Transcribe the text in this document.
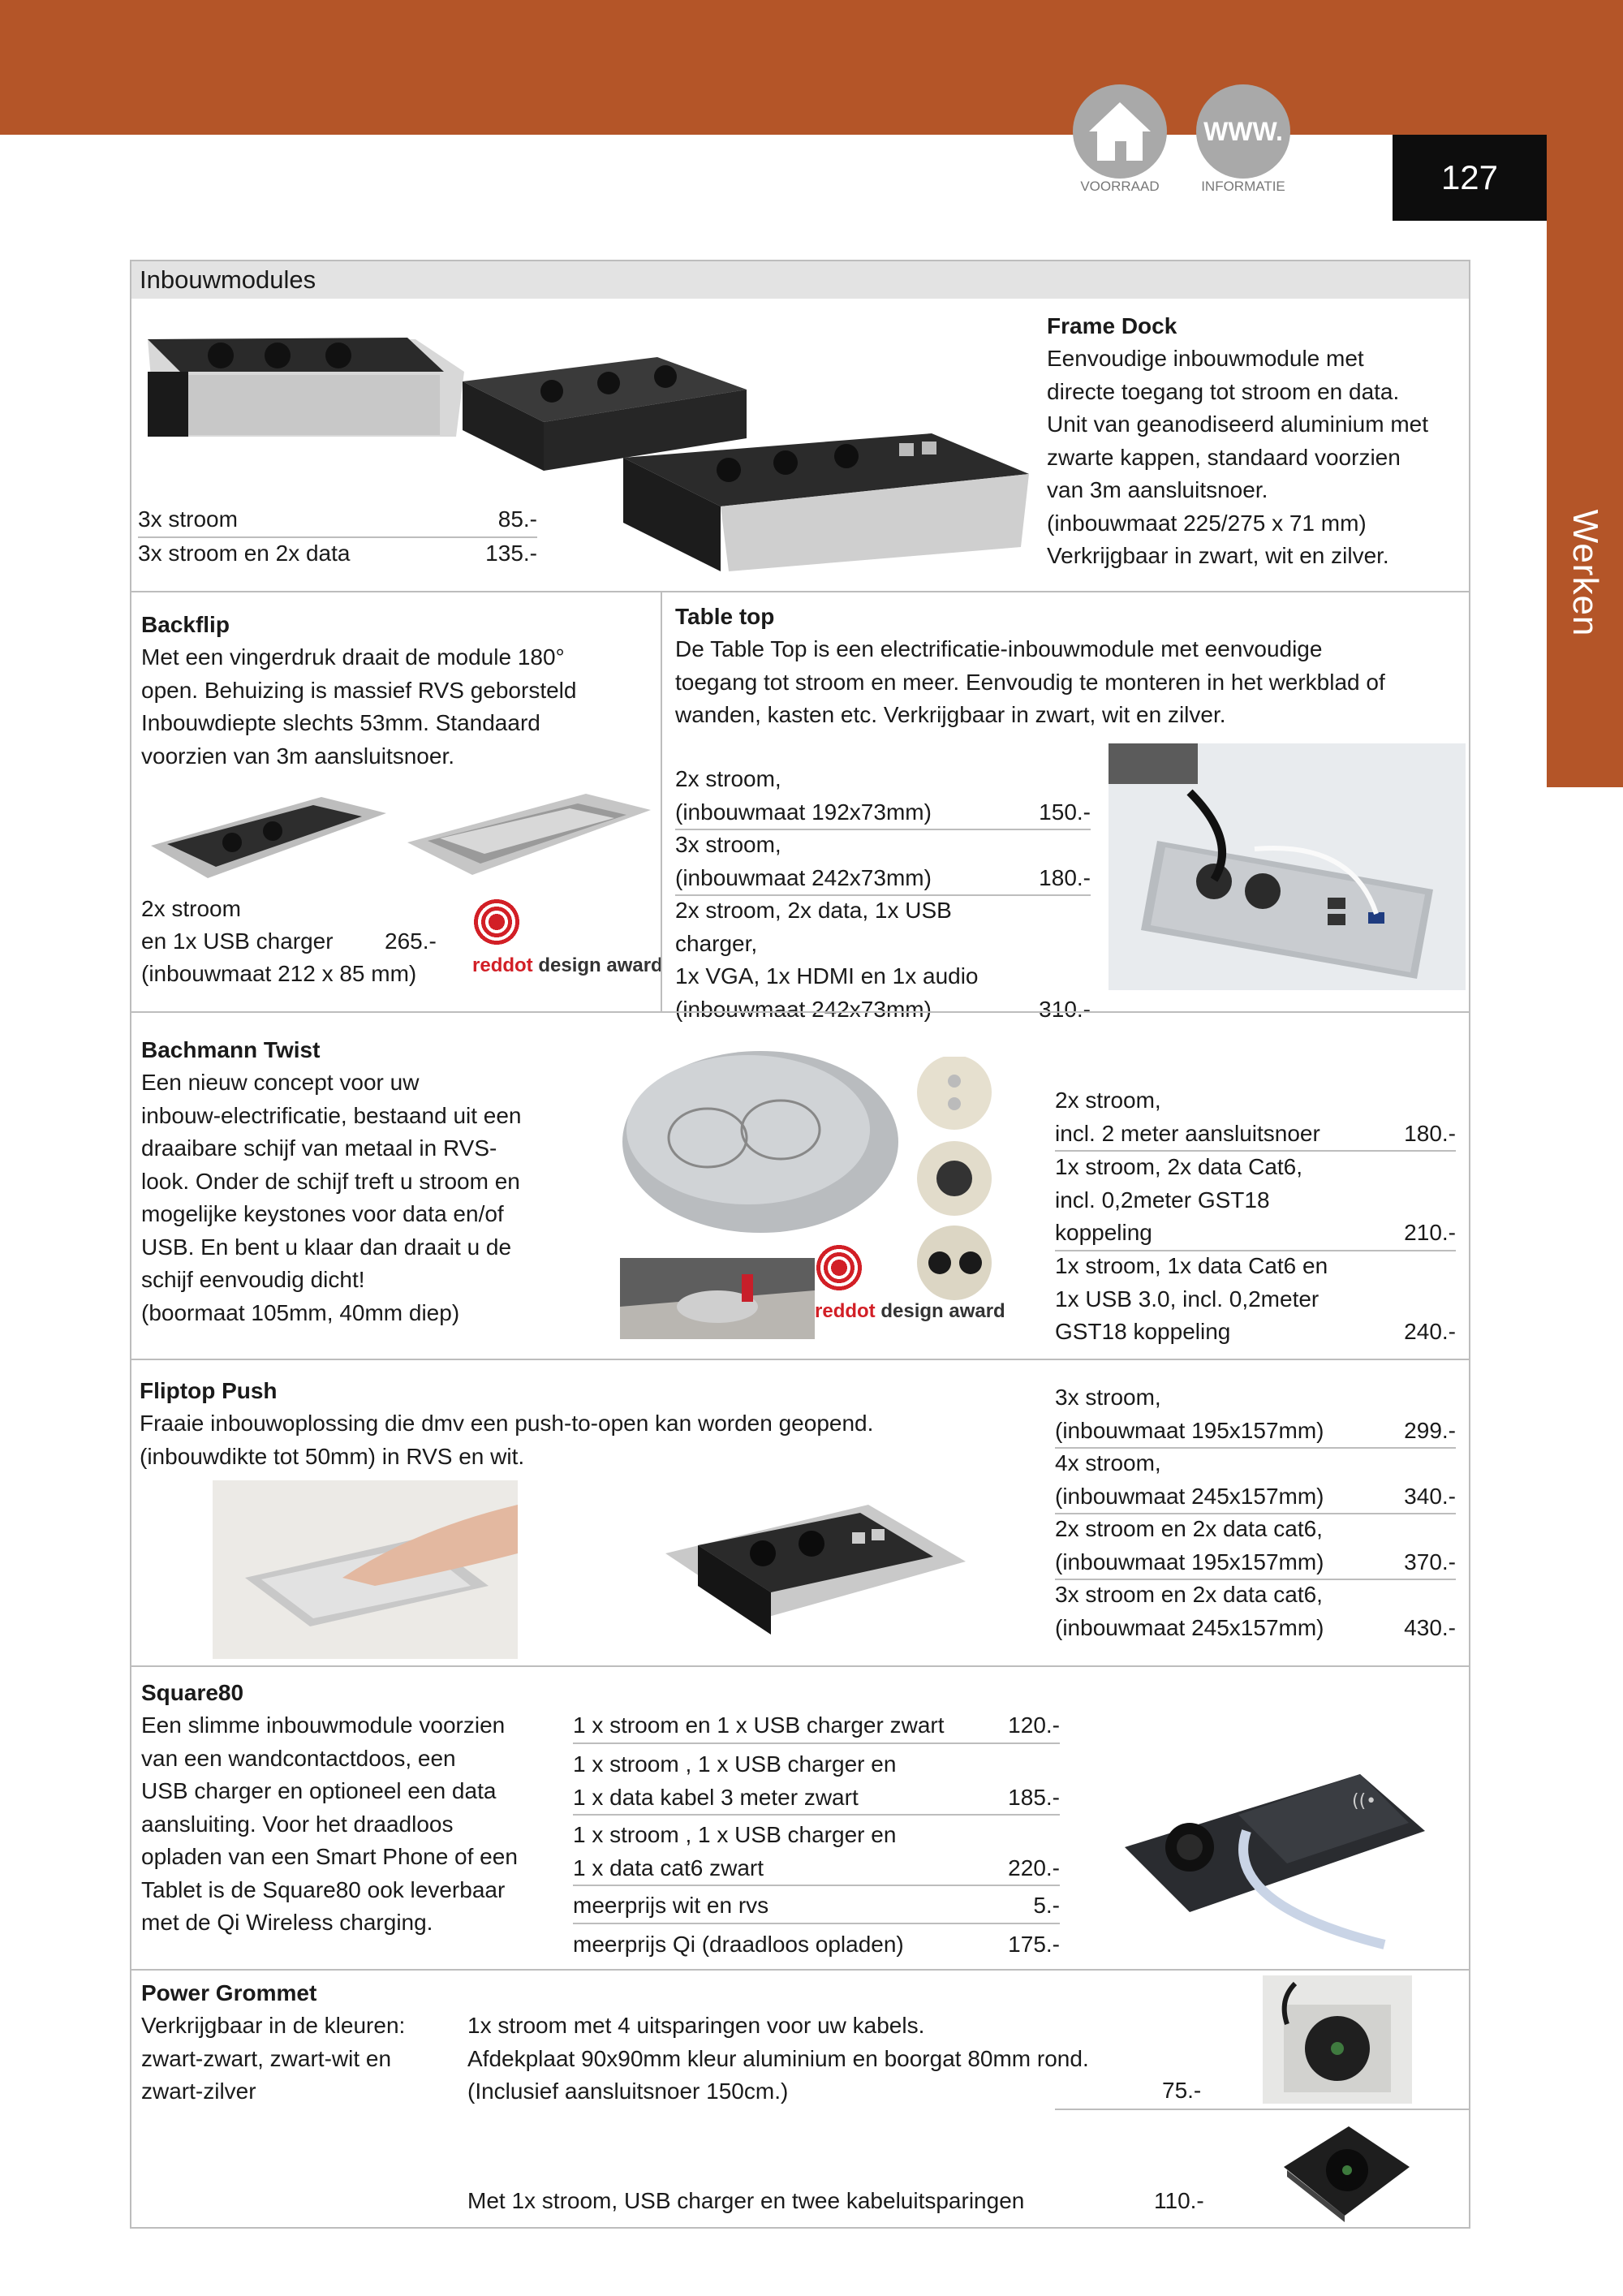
VOORRAAD
WWW.
INFORMATIE	127
Werken
Inbouwmodules
3x stroom	85.-
3x stroom en 2x data	135.-
Frame Dock
Eenvoudige inbouwmodule met
directe toegang tot stroom en data.
Unit van geanodiseerd aluminium met
zwarte kappen, standaard voorzien
van 3m aansluitsnoer.
(inbouwmaat 225/275 x 71 mm)
Verkrijgbaar in zwart, wit en zilver.
Backflip
Met een vingerdruk draait de module 180°
open. Behuizing is massief RVS geborsteld
Inbouwdiepte slechts 53mm. Standaard
voorzien van 3m aansluitsnoer.
2x stroom
en 1x USB charger 265.-
(inbouwmaat 212 x 85 mm)	reddot design award
Table top
De Table Top is een electrificatie-inbouwmodule met eenvoudige
toegang tot stroom en meer. Eenvoudig te monteren in het werkblad of
wanden, kasten etc. Verkrijgbaar in zwart, wit en zilver.
2x stroom,
(inbouwmaat 192x73mm)	150.-
3x stroom,
(inbouwmaat 242x73mm)	180.-
2x stroom, 2x data, 1x USB charger,
1x VGA, 1x HDMI en 1x audio
(inbouwmaat 242x73mm)	310.-
Bachmann Twist
Een nieuw concept voor uw
inbouw-electrificatie, bestaand uit een
draaibare schijf van metaal in RVS-
look. Onder de schijf treft u stroom en
mogelijke keystones voor data en/of
USB. En bent u klaar dan draait u de
schijf eenvoudig dicht!
(boormaat 105mm, 40mm diep)	reddot design award
2x stroom,
incl. 2 meter aansluitsnoer	180.-
1x stroom, 2x data Cat6,
incl. 0,2meter GST18
koppeling	210.-
1x stroom, 1x data Cat6 en
1x USB 3.0, incl. 0,2meter
GST18 koppeling	240.-
Fliptop Push
Fraaie inbouwoplossing die dmv een push-to-open kan worden geopend.
(inbouwdikte tot 50mm) in RVS en wit.
3x stroom,
(inbouwmaat 195x157mm)	299.-
4x stroom,
(inbouwmaat 245x157mm)	340.-
2x stroom en 2x data cat6,
(inbouwmaat 195x157mm)	370.-
3x stroom en 2x data cat6,
(inbouwmaat 245x157mm)	430.-
Square80
Een slimme inbouwmodule voorzien
van een wandcontactdoos, een
USB charger en optioneel een data
aansluiting. Voor het draadloos
opladen van een Smart Phone of een
Tablet is de Square80 ook leverbaar
met de Qi Wireless charging.
1 x stroom en 1 x USB charger zwart	120.-
1 x stroom , 1 x USB charger en
1 x data kabel 3 meter zwart	185.-
1 x stroom , 1 x USB charger en
1 x data cat6 zwart	220.-
meerprijs wit en rvs	5.-
meerprijs Qi (draadloos opladen)	175.-
((•
Power Grommet
Verkrijgbaar in de kleuren:
zwart-zwart, zwart-wit en
zwart-zilver
1x stroom met 4 uitsparingen voor uw kabels.
Afdekplaat 90x90mm kleur aluminium en boorgat 80mm rond.
(Inclusief aansluitsnoer 150cm.)	75.-
Met 1x stroom, USB charger en twee kabeluitsparingen	110.-
